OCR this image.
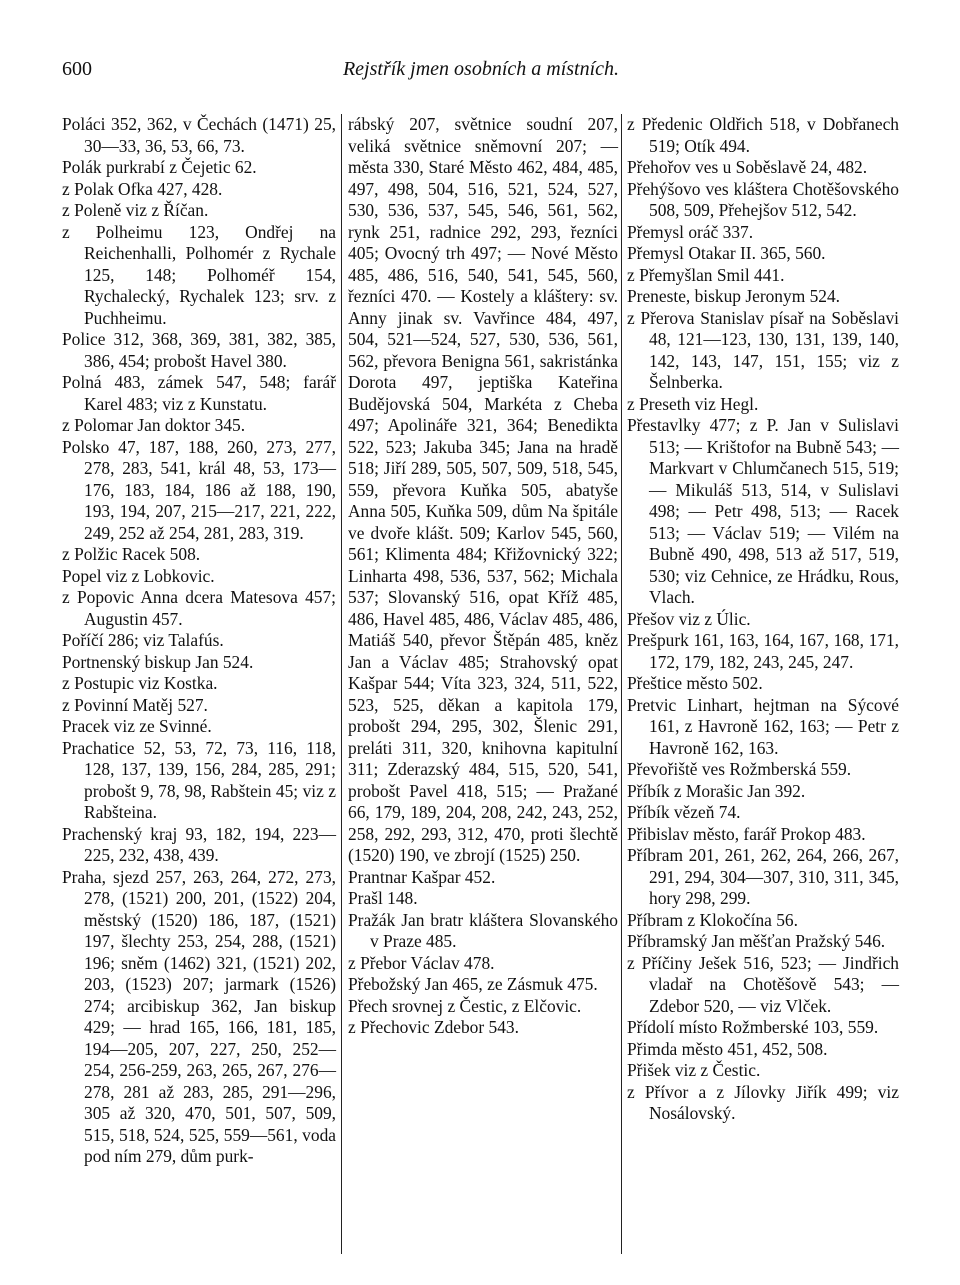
600	Rejstřík jmen osobních a místních.

Poláci 352, 362, v Čechách (1471) 25, 30—33, 36, 53, 66, 73.

Polák purkrabí z Čejetic 62.

z Polak Ofka 427, 428.

z Poleně viz z Říčan.

z Polheimu 123, Ondřej na Reichenhalli, Polhomér z Rychale 125, 148; Polhoméř 154, Rychalecký, Rychalek 123; srv. z Puchheimu.

Police 312, 368, 369, 381, 382, 385, 386, 454; probošt Havel 380.

Polná 483, zámek 547, 548; farář Karel 483; viz z Kunstatu.

z Polomar Jan doktor 345.

Polsko 47, 187, 188, 260, 273, 277, 278, 283, 541, král 48, 53, 173—176, 183, 184, 186 až 188, 190, 193, 194, 207, 215—217, 221, 222, 249, 252 až 254, 281, 283, 319.

z Polžic Racek 508.

Popel viz z Lobkovic.

z Popovic Anna dcera Matesova 457; Augustin 457.

Poříčí 286; viz Talafús.

Portnenský biskup Jan 524.

z Postupic viz Kostka.

z Povinní Matěj 527.

Pracek viz ze Svinné.

Prachatice 52, 53, 72, 73, 116, 118, 128, 137, 139, 156, 284, 285, 291; probošt 9, 78, 98, Rabštein 45; viz z Rabšteina.

Prachenský kraj 93, 182, 194, 223—225, 232, 438, 439.

Praha, sjezd 257, 263, 264, 272, 273, 278, (1521) 200, 201, (1522) 204, městský (1520) 186, 187, (1521) 197, šlechty 253, 254, 288, (1521) 196; sněm (1462) 321, (1521) 202, 203, (1523) 207; jarmark (1526) 274; arcibiskup 362, Jan biskup 429; — hrad 165, 166, 181, 185, 194—205, 207, 227, 250, 252—254, 256-259, 263, 265, 267, 276—278, 281 až 283, 285, 291—296, 305 až 320, 470, 501, 507, 509, 515, 518, 524, 525, 559—561, voda pod ním 279, dům purk-

rábský 207, světnice soudní 207, veliká světnice sněmovní 207; — města 330, Staré Město 462, 484, 485, 497, 498, 504, 516, 521, 524, 527, 530, 536, 537, 545, 546, 561, 562, rynk 251, radnice 292, 293, řezníci 405; Ovocný trh 497; — Nové Město 485, 486, 516, 540, 541, 545, 560, řezníci 470. — Kostely a kláštery: sv. Anny jinak sv. Vavřince 484, 497, 504, 521—524, 527, 530, 536, 561, 562, převora Benigna 561, sakristánka Dorota 497, jeptiška Kateřina Budějovská 504, Markéta z Cheba 497; Apolináře 321, 364; Benedikta 522, 523; Jakuba 345; Jana na hradě 518; Jiří 289, 505, 507, 509, 518, 545, 559, převora Kuňka 505, abatyše Anna 505, Kuňka 509, dům Na špitále ve dvoře klášt. 509; Karlov 545, 560, 561; Klimenta 484; Křižovnický 322; Linharta 498, 536, 537, 562; Michala 537; Slovanský 516, opat Kříž 485, 486, Havel 485, 486, Václav 485, 486, Matiáš 540, převor Štěpán 485, kněz Jan a Václav 485; Strahovský opat Kašpar 544; Víta 323, 324, 511, 522, 523, 525, děkan a kapitola 179, probošt 294, 295, 302, Šlenic 291, preláti 311, 320, knihovna kapitulní 311; Zderazský 484, 515, 520, 541, probošt Pavel 418, 515; — Pražané 66, 179, 189, 204, 208, 242, 243, 252, 258, 292, 293, 312, 470, proti šlechtě (1520) 190, ve zbrojí (1525) 250.

Prantnar Kašpar 452.

Prašl 148.

Pražák Jan bratr kláštera Slovanského v Praze 485.

z Přebor Václav 478.

Přebožský Jan 465, ze Zásmuk 475.

Přech srovnej z Čestic, z Elčovic.

z Přechovic Zdebor 543.

z Předenic Oldřich 518, v Dobřanech 519; Otík 494.

Přehořov ves u Soběslavě 24, 482.

Přehýšovo ves kláštera Chotěšovského 508, 509, Přehejšov 512, 542.

Přemysl oráč 337.

Přemysl Otakar II. 365, 560.

z Přemyšlan Smil 441.

Preneste, biskup Jeronym 524.

z Přerova Stanislav písař na Soběslavi 48, 121—123, 130, 131, 139, 140, 142, 143, 147, 151, 155; viz z Šelnberka.

z Preseth viz Hegl.

Přestavlky 477; z P. Jan v Sulislavi 513; — Krištofor na Bubně 543; — Markvart v Chlumčanech 515, 519; — Mikuláš 513, 514, v Sulislavi 498; — Petr 498, 513; — Racek 513; — Václav 519; — Vilém na Bubně 490, 498, 513 až 517, 519, 530; viz Cehnice, ze Hrádku, Rous, Vlach.

Přešov viz z Úlic.

Prešpurk 161, 163, 164, 167, 168, 171, 172, 179, 182, 243, 245, 247.

Přeštice město 502.

Pretvic Linhart, hejtman na Sýcové 161, z Havroně 162, 163; — Petr z Havroně 162, 163.

Převořiště ves Rožmberská 559.

Příbík z Morašic Jan 392.

Příbík vězeň 74.

Přibislav město, farář Prokop 483.

Příbram 201, 261, 262, 264, 266, 267, 291, 294, 304—307, 310, 311, 345, hory 298, 299.

Příbram z Klokočína 56.

Příbramský Jan měšťan Pražský 546.

z Příčiny Ješek 516, 523; — Jindřich vladař na Chotěšově 543; — Zdebor 520, — viz Vlček.

Přídolí místo Rožmberské 103, 559.

Přimda město 451, 452, 508.

Přišek viz z Čestic.

z Přívor a z Jílovky Jiřík 499; viz Nosálovský.
